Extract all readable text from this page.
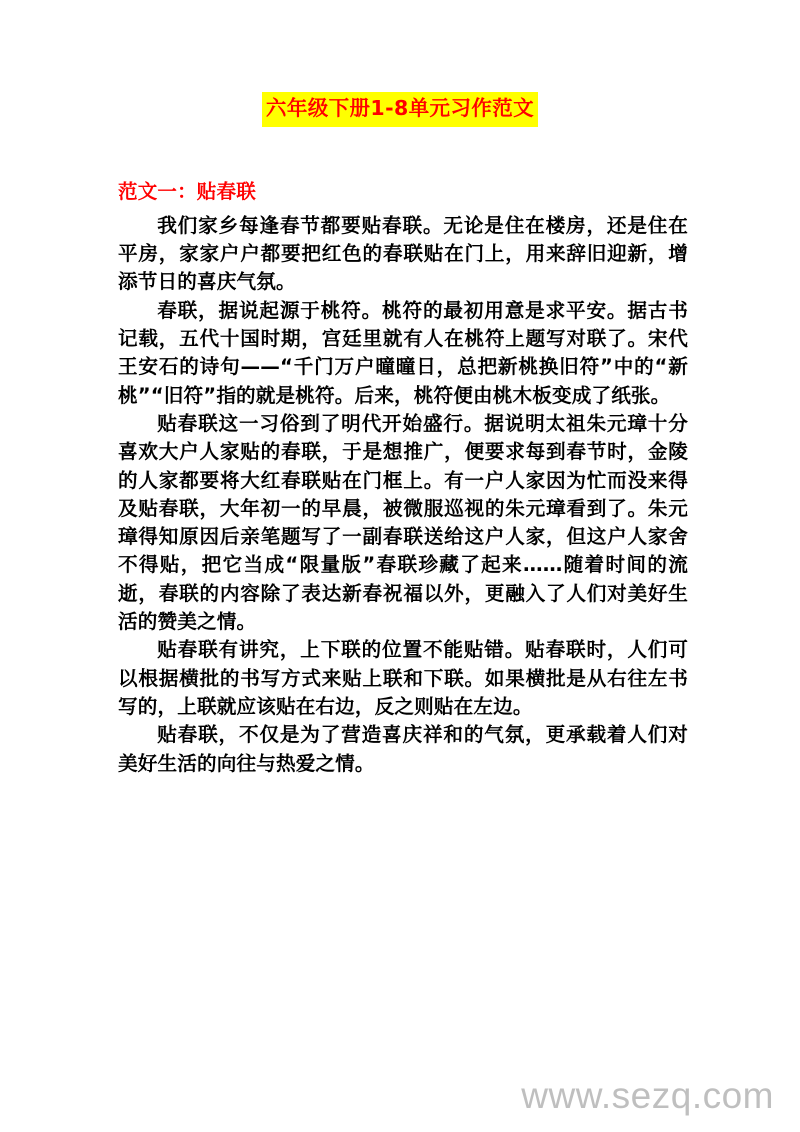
六年级下册1-8单元习作范文
范文一：贴春联

我们家乡每逢春节都要贴春联。无论是住在楼房，还是住在平房，家家户户都要把红色的春联贴在门上，用来辞旧迎新，增添节日的喜庆气氛。

春联，据说起源于桃符。桃符的最初用意是求平安。据古书记载，五代十国时期，宫廷里就有人在桃符上题写对联了。宋代王安石的诗句——“千门万户曈曈日，总把新桃换旧符”中的“新桃”“旧符”指的就是桃符。后来，桃符便由桃木板变成了纸张。

贴春联这一习俗到了明代开始盛行。据说明太祖朱元璋十分喜欢大户人家贴的春联，于是想推广，便要求每到春节时，金陵的人家都要将大红春联贴在门框上。有一户人家因为忙而没来得及贴春联，大年初一的早晨，被微服巡视的朱元璋看到了。朱元璋得知原因后亲笔题写了一副春联送给这户人家，但这户人家舍不得贴，把它当成“限量版”春联珍藏了起来……随着时间的流逝，春联的内容除了表达新春祝福以外，更融入了人们对美好生活的赞美之情。

贴春联有讲究，上下联的位置不能贴错。贴春联时，人们可以根据横批的书写方式来贴上联和下联。如果横批是从右往左书写的，上联就应该贴在右边，反之则贴在左边。

贴春联，不仅是为了营造喜庆祥和的气氛，更承载着人们对美好生活的向往与热爱之情。

www.sezq.com
